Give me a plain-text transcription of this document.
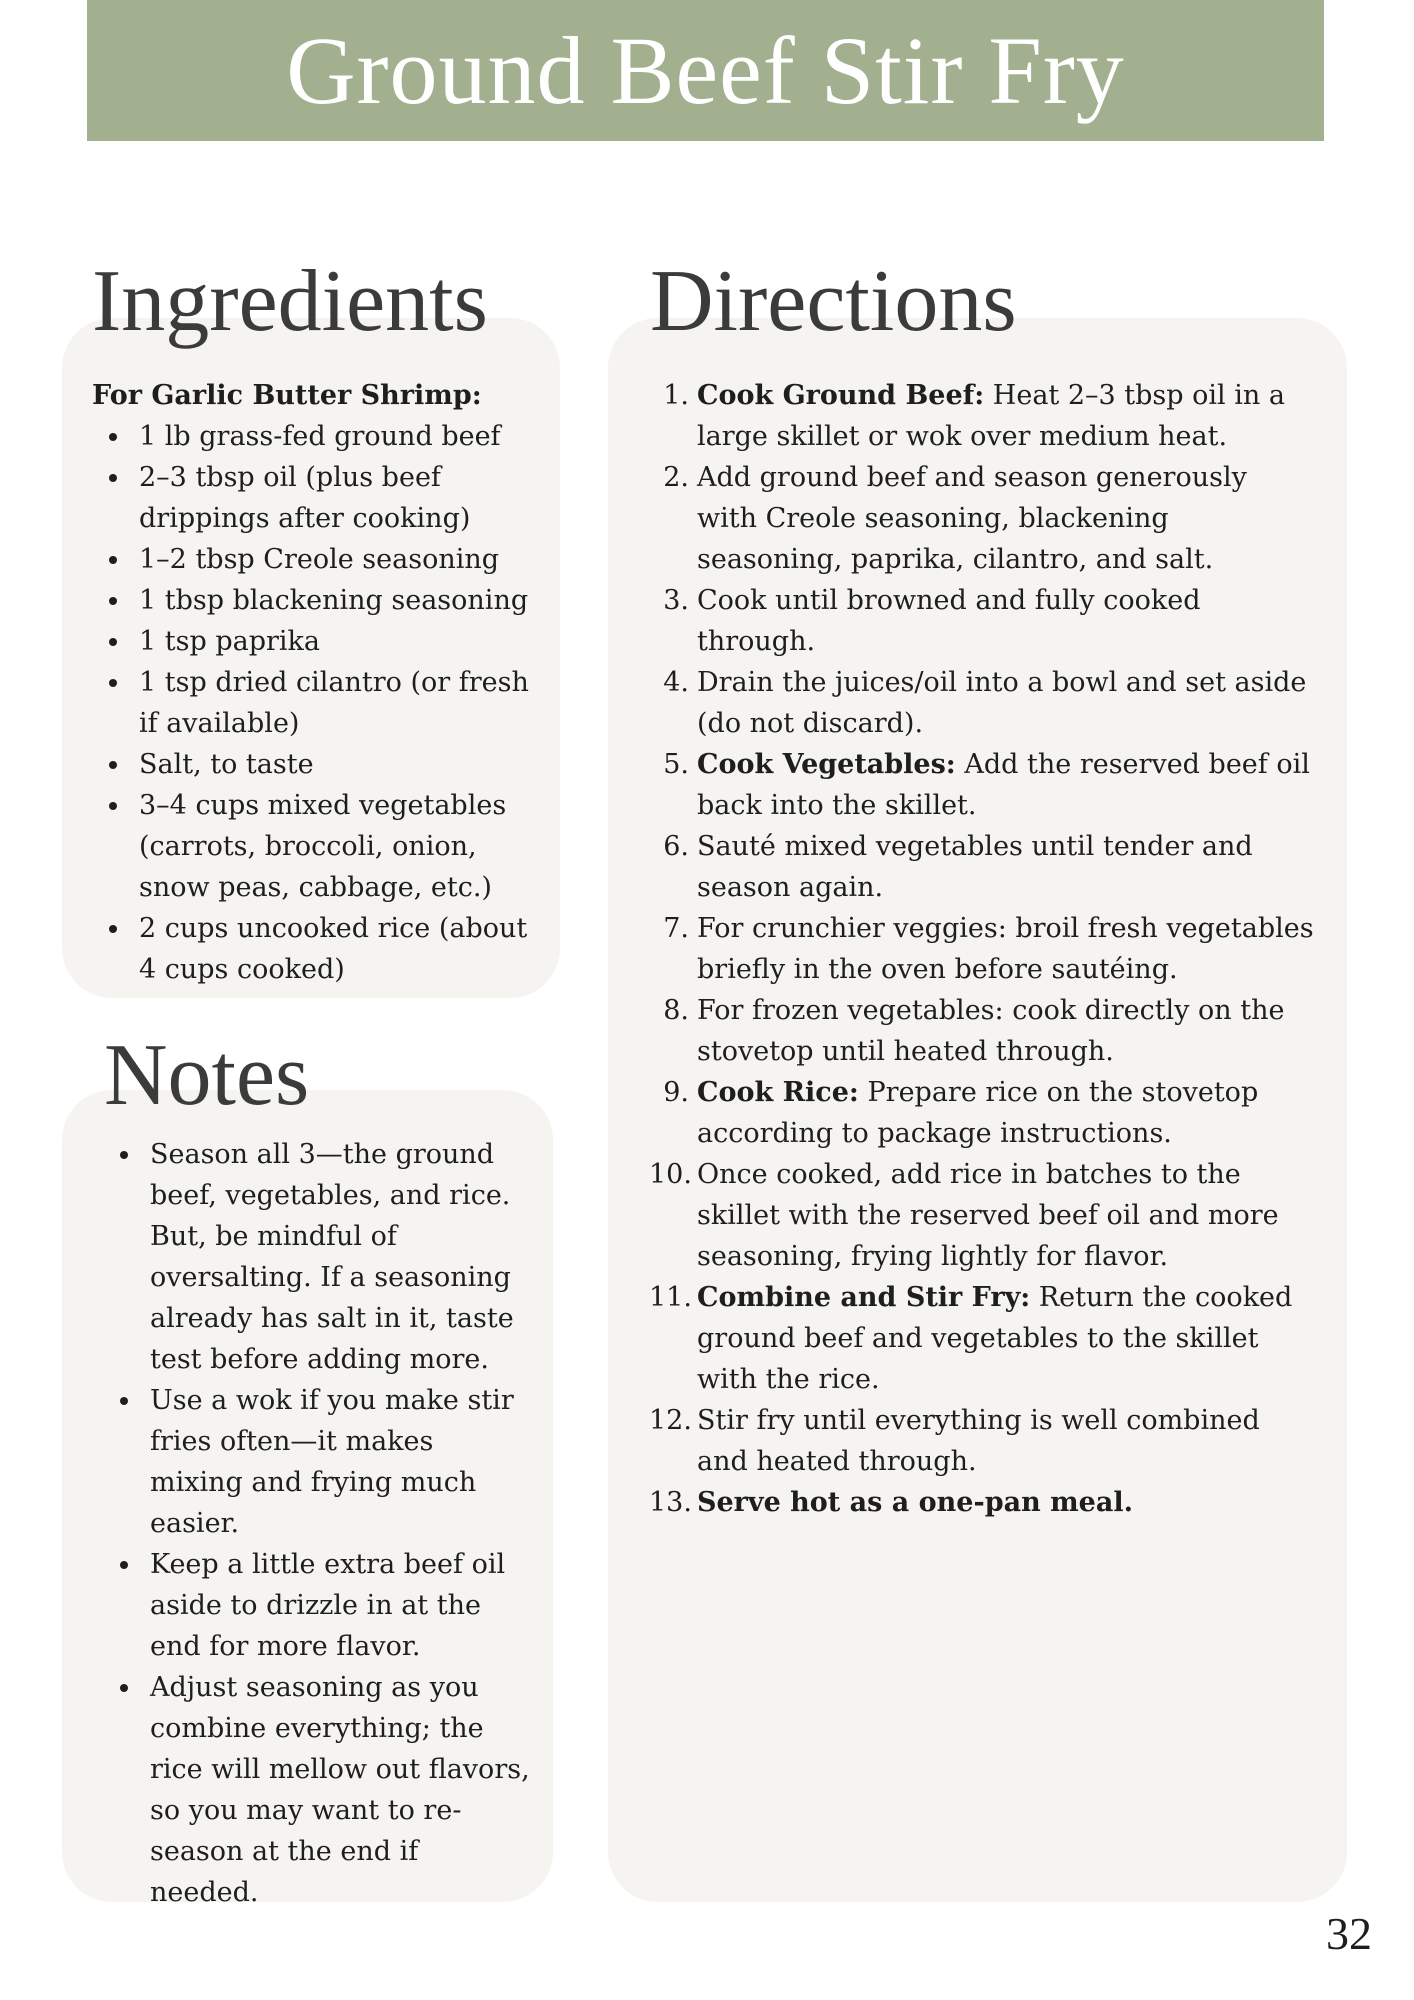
Ground Beef Stir Fry
Ingredients Directions
Notes

For Garlic Butter Shrimp:

1 lb grass-fed ground beef
2–3 tbsp oil (plus beef drippings after cooking)
1–2 tbsp Creole seasoning
1 tbsp blackening seasoning
1 tsp paprika
1 tsp dried cilantro (or fresh if available)
Salt, to taste
3–4 cups mixed vegetables (carrots, broccoli, onion, snow peas, cabbage, etc.)
2 cups uncooked rice (about 4 cups cooked)
Season all 3—the ground beef, vegetables, and rice. But, be mindful of oversalting. If a seasoning already has salt in it, taste test before adding more.
Use a wok if you make stir fries often—it makes mixing and frying much easier.
Keep a little extra beef oil aside to drizzle in at the end for more flavor.
Adjust seasoning as you combine everything; the rice will mellow out flavors, so you may want to re-season at the end if needed.
1. Cook Ground Beef: Heat 2–3 tbsp oil in a large skillet or wok over medium heat.
2. Add ground beef and season generously with Creole seasoning, blackening seasoning, paprika, cilantro, and salt.
3. Cook until browned and fully cooked through.
4. Drain the juices/oil into a bowl and set aside (do not discard).
5. Cook Vegetables: Add the reserved beef oil back into the skillet.
6. Sauté mixed vegetables until tender and season again.
7. For crunchier veggies: broil fresh vegetables briefly in the oven before sautéing.
8. For frozen vegetables: cook directly on the stovetop until heated through.
9. Cook Rice: Prepare rice on the stovetop according to package instructions.
10. Once cooked, add rice in batches to the skillet with the reserved beef oil and more seasoning, frying lightly for flavor.
11. Combine and Stir Fry: Return the cooked ground beef and vegetables to the skillet with the rice.
12. Stir fry until everything is well combined and heated through.
13. Serve hot as a one-pan meal.
32
